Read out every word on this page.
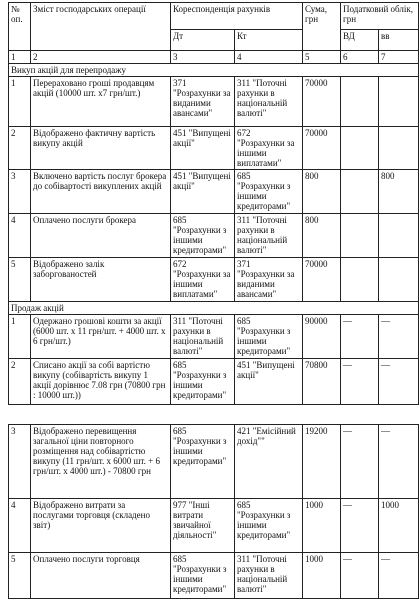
№ оп.	Зміст господарських операції	Кореспонденція рахунків		Сума, грн	Податковий облік, грн	
		Дт	Кт		ВД	вв
1	2	3	4	5	6	7
Викуп акцій для перепродажу						
1	Перераховано гроші продавцям акцій (10000 шт. х7 грн/шт.)	371 "Розрахунки за виданими авансами"	311 "Поточні рахунки в національній валюті"	70000		
2	Відображено фактичну вартість викупу акцій	451 "Випущені акції"	672 "Розрахунки за іншими виплатами"	70000		
3	Включено вартість послуг брокера до собівартості викуплених акцій	451 "Випущені акції"	685 "Розрахунки з іншими кредиторами"	800		800
4	Оплачено послуги брокера	685 "Розрахунки з іншими кредиторами"	311 "Поточні рахунки в національній валюті"	800		
5	Відображено залік заборгованостей	672 "Розрахунки за іншими виплатами"	371 "Розрахунки за виданими авансами"	70000		
Продаж акцій						
1	Одержано грошові кошти за акції (6000 шт. х 11 грн/шт. + 4000 шт. х 6 грн/шт.)	311 "Поточні рахунки в національній валюті"	685 "Розрахунки з іншими кредиторами"	90000	—	—
2	Списано акції за собі вартістю викупу (собівартість викупу 1 акції дорівнює 7.08 грн (70800 грн : 10000 шт.))	685 "Розрахунки з іншими кредиторами"	451 "Випущені акції"	70800	—	—
3	Відображено перевищення загальної ціни повторного розміщення над собівартістю викупу (11 грн/шт. х 6000 шт. + 6 грн/шт. х 4000 шт.) - 70800 грн	685 "Розрахунки з іншими кредиторами"	421 "Емісійний дохід""	19200	—	—
4	Відображено витрати за послугами торговця (складено звіт)	977 "Інші витрати звичайної діяльності"	685 "Розрахунки з іншими кредиторами"	1000	—	1000
5	Оплачено послуги торговця	685 "Розрахунки з іншими кредиторами"	311 "Поточні рахунки в національній валюті"	1000	—	—
